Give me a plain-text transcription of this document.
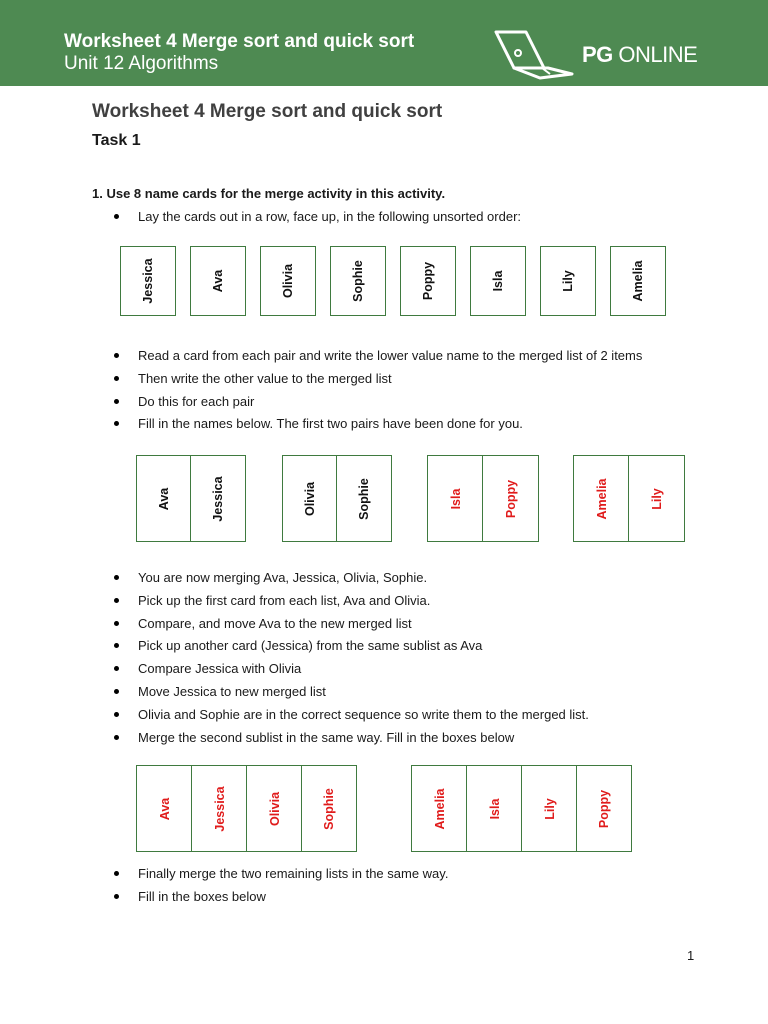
Worksheet 4 Merge sort and quick sort
Unit 12 Algorithms	PG ONLINE
Worksheet 4 Merge sort and quick sort
Task 1
1. Use 8 name cards for the merge activity in this activity.
Lay the cards out in a row, face up, in the following unsorted order:
Jessica	Ava	Olivia	Sophie	Poppy	Isla	Lily	Amelia
Read a card from each pair and write the lower value name to the merged list of 2 items
Then write the other value to the merged list
Do this for each pair
Fill in the names below. The first two pairs have been done for you.
Ava	Jessica	Olivia	Sophie	Isla	Poppy	Amelia	Lily
You are now merging Ava, Jessica, Olivia, Sophie.
Pick up the first card from each list, Ava and Olivia.
Compare, and move Ava to the new merged list
Pick up another card (Jessica) from the same sublist as Ava
Compare Jessica with Olivia
Move Jessica to new merged list
Olivia and Sophie are in the correct sequence so write them to the merged list.
Merge the second sublist in the same way. Fill in the boxes below
Ava	Jessica	Olivia	Sophie	Amelia	Isla	Lily	Poppy
Finally merge the two remaining lists in the same way.
Fill in the boxes below
1
